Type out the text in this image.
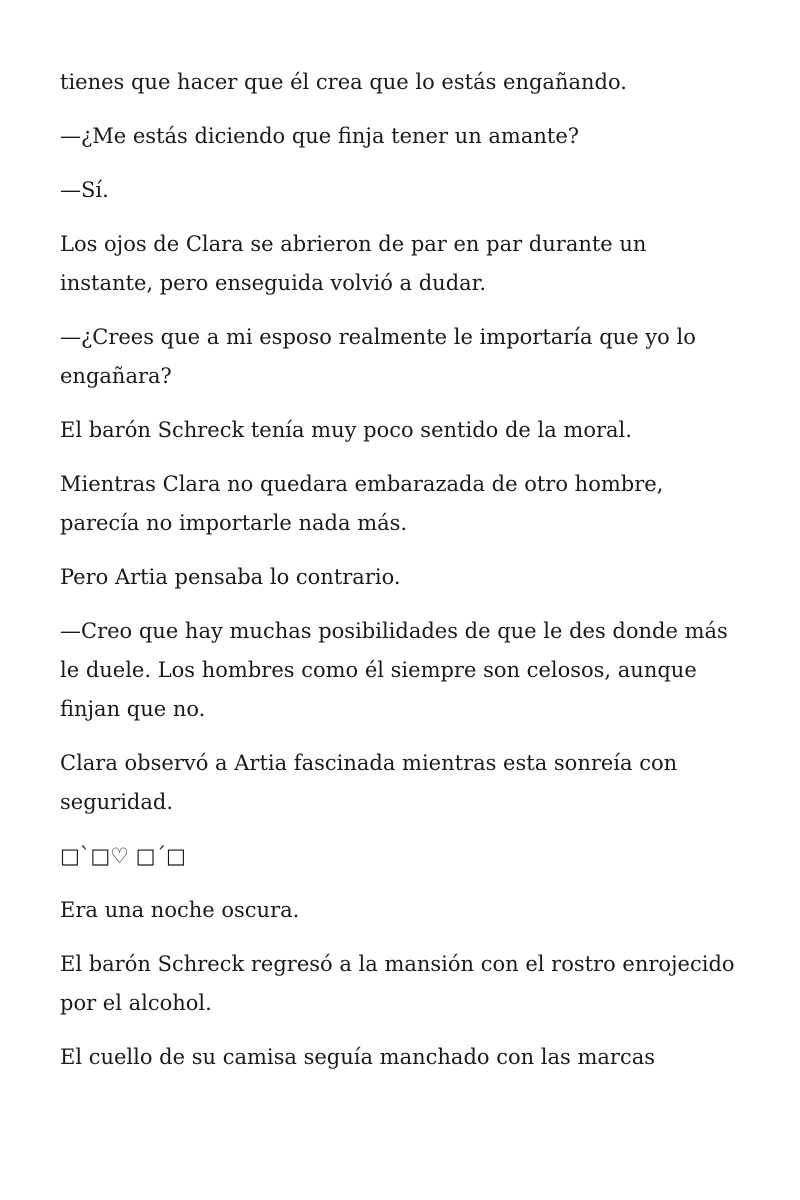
tienes que hacer que él crea que lo estás engañando.

—¿Me estás diciendo que finja tener un amante?

—Sí.

Los ojos de Clara se abrieron de par en par durante un instante, pero enseguida volvió a dudar.

—¿Crees que a mi esposo realmente le importaría que yo lo engañara?

El barón Schreck tenía muy poco sentido de la moral.

Mientras Clara no quedara embarazada de otro hombre, parecía no importarle nada más.

Pero Artia pensaba lo contrario.

—Creo que hay muchas posibilidades de que le des donde más le duele. Los hombres como él siempre son celosos, aunque finjan que no.

Clara observó a Artia fascinada mientras esta sonreía con seguridad.

□`□♡ □´□

Era una noche oscura.

El barón Schreck regresó a la mansión con el rostro enrojecido por el alcohol.

El cuello de su camisa seguía manchado con las marcas
